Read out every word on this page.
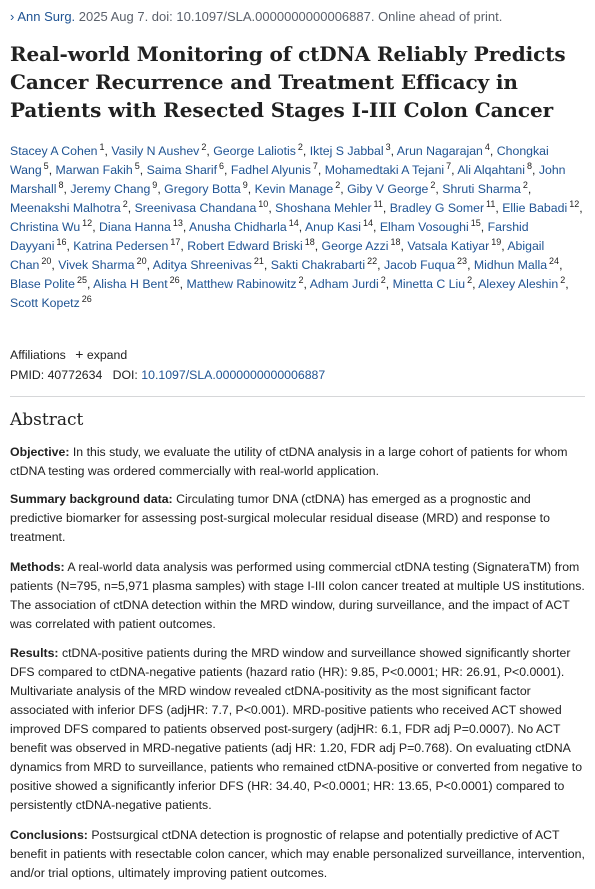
› Ann Surg. 2025 Aug 7. doi: 10.1097/SLA.0000000000006887. Online ahead of print.
Real-world Monitoring of ctDNA Reliably Predicts Cancer Recurrence and Treatment Efficacy in Patients with Resected Stages I-III Colon Cancer
Stacey A Cohen $^1$, Vasily N Aushev $^2$, George Laliotis $^2$, Iktej S Jabbal $^3$, Arun Nagarajan $^4$, Chongkai Wang $^5$, Marwan Fakih $^5$, Saima Sharif $^6$, Fadhel Alyunis $^7$, Mohamedtaki A Tejani $^7$, Ali Alqahtani $^8$, John Marshall $^8$, Jeremy Chang $^9$, Gregory Botta $^9$, Kevin Manage $^2$, Giby V George $^2$, Shruti Sharma $^2$, Meenakshi Malhotra $^2$, Sreenivasa Chandana $^{10}$, Shoshana Mehler $^{11}$, Bradley G Somer $^{11}$, Ellie Babadi $^{12}$, Christina Wu $^{12}$, Diana Hanna $^{13}$, Anusha Chidharla $^{14}$, Anup Kasi $^{14}$, Elham Vosoughi $^{15}$, Farshid Dayyani $^{16}$, Katrina Pedersen $^{17}$, Robert Edward Briski $^{18}$, George Azzi $^{18}$, Vatsala Katiyar $^{19}$, Abigail Chan $^{20}$, Vivek Sharma $^{20}$, Aditya Shreenivas $^{21}$, Sakti Chakrabarti $^{22}$, Jacob Fuqua $^{23}$, Midhun Malla $^{24}$, Blase Polite $^{25}$, Alisha H Bent $^{26}$, Matthew Rabinowitz $^2$, Adham Jurdi $^2$, Minetta C Liu $^2$, Alexey Aleshin $^2$, Scott Kopetz $^{26}$
Affiliations + expand
PMID: 40772634 DOI: 10.1097/SLA.0000000000006887
Abstract

Objective: In this study, we evaluate the utility of ctDNA analysis in a large cohort of patients for whom ctDNA testing was ordered commercially with real-world application.

Summary background data: Circulating tumor DNA (ctDNA) has emerged as a prognostic and predictive biomarker for assessing post-surgical molecular residual disease (MRD) and response to treatment.

Methods: A real-world data analysis was performed using commercial ctDNA testing (SignateraTM) from patients (N=795, n=5,971 plasma samples) with stage I-III colon cancer treated at multiple US institutions. The association of ctDNA detection within the MRD window, during surveillance, and the impact of ACT was correlated with patient outcomes.

Results: ctDNA-positive patients during the MRD window and surveillance showed significantly shorter DFS compared to ctDNA-negative patients (hazard ratio (HR): 9.85, P<0.0001; HR: 26.91, P<0.0001). Multivariate analysis of the MRD window revealed ctDNA-positivity as the most significant factor associated with inferior DFS (adjHR: 7.7, P<0.001). MRD-positive patients who received ACT showed improved DFS compared to patients observed post-surgery (adjHR: 6.1, FDR adj P=0.0007). No ACT benefit was observed in MRD-negative patients (adj HR: 1.20, FDR adj P=0.768). On evaluating ctDNA dynamics from MRD to surveillance, patients who remained ctDNA-positive or converted from negative to positive showed a significantly inferior DFS (HR: 34.40, P<0.0001; HR: 13.65, P<0.0001) compared to persistently ctDNA-negative patients.

Conclusions: Postsurgical ctDNA detection is prognostic of relapse and potentially predictive of ACT benefit in patients with resectable colon cancer, which may enable personalized surveillance, intervention, and/or trial options, ultimately improving patient outcomes.
